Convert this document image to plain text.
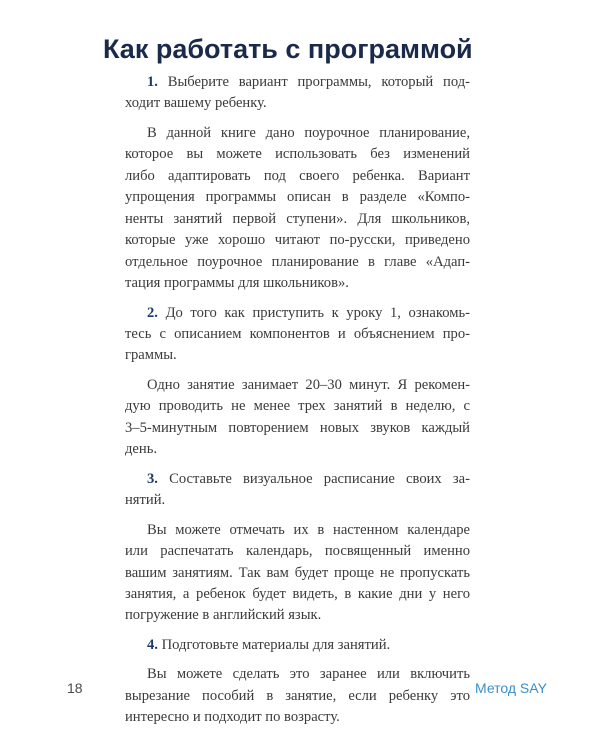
Как работать с программой
1. Выберите вариант программы, который под-
ходит вашему ребенку.
В данной книге дано поурочное планирование,
которое вы можете использовать без изменений
либо адаптировать под своего ребенка. Вариант
упрощения программы описан в разделе «Компо-
ненты занятий первой ступени». Для школьников,
которые уже хорошо читают по-русски, приведено
отдельное поурочное планирование в главе «Адап-
тация программы для школьников».
2. До того как приступить к уроку 1, ознакомь-
тесь с описанием компонентов и объяснением про-
граммы.
Одно занятие занимает 20–30 минут. Я рекомен-
дую проводить не менее трех занятий в неделю, с
3–5-минутным повторением новых звуков каждый
день.
3. Составьте визуальное расписание своих за-
нятий.
Вы можете отмечать их в настенном календаре
или распечатать календарь, посвященный именно
вашим занятиям. Так вам будет проще не пропускать
занятия, а ребенок будет видеть, в какие дни у него
погружение в английский язык.
4. Подготовьте материалы для занятий.
Вы можете сделать это заранее или включить
вырезание пособий в занятие, если ребенку это
интересно и подходит по возрасту.
18	Метод SAY
